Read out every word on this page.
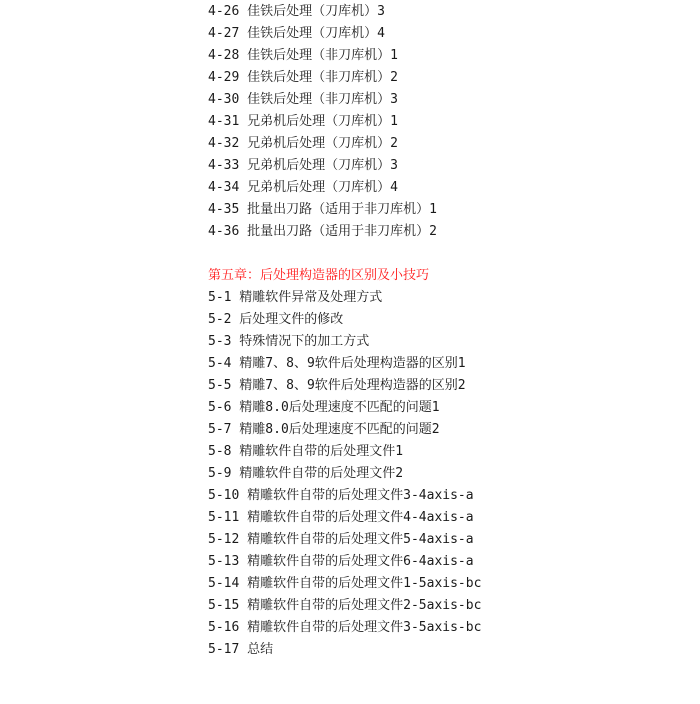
4-26 佳铁后处理（刀库机）3
4-27 佳铁后处理（刀库机）4
4-28 佳铁后处理（非刀库机）1
4-29 佳铁后处理（非刀库机）2
4-30 佳铁后处理（非刀库机）3
4-31 兄弟机后处理（刀库机）1
4-32 兄弟机后处理（刀库机）2
4-33 兄弟机后处理（刀库机）3
4-34 兄弟机后处理（刀库机）4
4-35 批量出刀路（适用于非刀库机）1
4-36 批量出刀路（适用于非刀库机）2
第五章：后处理构造器的区别及小技巧
5-1 精雕软件异常及处理方式
5-2 后处理文件的修改
5-3 特殊情况下的加工方式
5-4 精雕7、8、9软件后处理构造器的区别1
5-5 精雕7、8、9软件后处理构造器的区别2
5-6 精雕8.0后处理速度不匹配的问题1
5-7 精雕8.0后处理速度不匹配的问题2
5-8 精雕软件自带的后处理文件1
5-9 精雕软件自带的后处理文件2
5-10 精雕软件自带的后处理文件3-4axis-a
5-11 精雕软件自带的后处理文件4-4axis-a
5-12 精雕软件自带的后处理文件5-4axis-a
5-13 精雕软件自带的后处理文件6-4axis-a
5-14 精雕软件自带的后处理文件1-5axis-bc
5-15 精雕软件自带的后处理文件2-5axis-bc
5-16 精雕软件自带的后处理文件3-5axis-bc
5-17 总结
